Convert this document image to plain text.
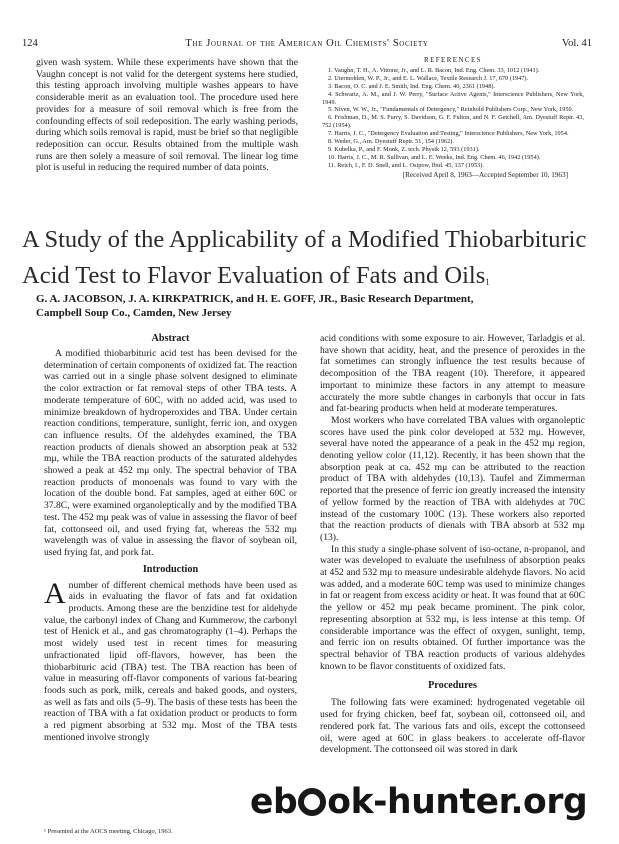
124	The Journal of the American Oil Chemists' Society	Vol. 41
given wash system. While these experiments have shown that the Vaughn concept is not valid for the detergent systems here studied, this testing approach involving multiple washes appears to have considerable merit as an evaluation tool. The procedure used here provides for a measure of soil removal which is free from the confounding effects of soil redeposition. The early washing periods, during which soils removal is rapid, must be brief so that negligible redeposition can occur. Results obtained from the multiple wash runs are then solely a measure of soil removal. The linear log time plot is useful in reducing the required number of data points.
REFERENCES
1. Vaughn, T. H., A. Vittone, Jr., and L. R. Bacon, Ind. Eng. Chem. 33, 1012 (1941).
2. Utermohlen, W. P., Jr., and E. L. Wallace, Textile Research J. 17, 670 (1947).
3. Bacon, O. C. and J. E. Smith, Ind. Eng. Chem. 40, 2361 (1948).
4. Schwartz, A. M., and J. W. Perry, "Surface Active Agents," Interscience Publishers, New York, 1949.
5. Niven, W. W., Jr., "Fundamentals of Detergency," Reinhold Publishers Corp., New York, 1950.
6. Frishman, D., M. S. Furry, S. Davidson, G. F. Fulton, and N. F. Getchell, Am. Dyestuff Reptr. 43, 752 (1954).
7. Harris, J. C., "Detergency Evaluation and Testing," Interscience Publishers, New York, 1954.
8. Weder, G., Am. Dyestuff Reptr. 51, 154 (1962).
9. Kubelka, P., and F. Munk, Z. tech. Physik 12, 593 (1931).
10. Harris, J. C., M. R. Sullivan, and L. E. Weeks, Ind. Eng. Chem. 46, 1942 (1954).
11. Reich, I., F. D. Snell, and L. Osipow, Ibid. 45, 137 (1953).
[Received April 8, 1963—Accepted September 10, 1963]
A Study of the Applicability of a Modified Thiobarbituric
Acid Test to Flavor Evaluation of Fats and Oils$^1$
G. A. JACOBSON, J. A. KIRKPATRICK, and H. E. GOFF, JR., Basic Research Department,
Campbell Soup Co., Camden, New Jersey
Abstract

A modified thiobarbituric acid test has been devised for the determination of certain components of oxidized fat. The reaction was carried out in a single phase solvent designed to eliminate the color extraction or fat removal steps of other TBA tests. A moderate temperature of 60C, with no added acid, was used to minimize breakdown of hydroperoxides and TBA. Under certain reaction conditions, temperature, sunlight, ferric ion, and oxygen can influence results. Of the aldehydes examined, the TBA reaction products of dienals showed an absorption peak at 532 mμ, while the TBA reaction products of the saturated aldehydes showed a peak at 452 mμ only. The spectral behavior of TBA reaction products of monoenals was found to vary with the location of the double bond. Fat samples, aged at either 60C or 37.8C, were examined organoleptically and by the modified TBA test. The 452 mμ peak was of value in assessing the flavor of beef fat, cottonseed oil, and used frying fat, whereas the 532 mμ wavelength was of value in assessing the flavor of soybean oil, used frying fat, and pork fat.

Introduction

Anumber of different chemical methods have been used as aids in evaluating the flavor of fats and fat oxidation products. Among these are the benzidine test for aldehyde value, the carbonyl index of Chang and Kummerow, the carbonyl test of Henick et al., and gas chromatography (1–4). Perhaps the most widely used test in recent times for measuring unfractionated lipid off-flavors, however, has been the thiobarbituric acid (TBA) test. The TBA reaction has been of value in measuring off-flavor components of various fat-bearing foods such as pork, milk, cereals and baked goods, and oysters, as well as fats and oils (5–9). The basis of these tests has been the reaction of TBA with a fat oxidation product or products to form a red pigment absorbing at 532 mμ. Most of the TBA tests mentioned involve strongly

acid conditions with some exposure to air. However, Tarladgis et al. have shown that acidity, heat, and the presence of peroxides in the fat sometimes can strongly influence the test results because of decomposition of the TBA reagent (10). Therefore, it appeared important to minimize these factors in any attempt to measure accurately the more subtle changes in carbonyls that occur in fats and fat-bearing products when held at moderate temperatures.

Most workers who have correlated TBA values with organoleptic scores have used the pink color developed at 532 mμ. However, several have noted the appearance of a peak in the 452 mμ region, denoting yellow color (11,12). Recently, it has been shown that the absorption peak at ca. 452 mμ can be attributed to the reaction product of TBA with aldehydes (10,13). Taufel and Zimmerman reported that the presence of ferric ion greatly increased the intensity of yellow formed by the reaction of TBA with aldehydes at 70C instead of the customary 100C (13). These workers also reported that the reaction products of dienals with TBA absorb at 532 mμ (13).

In this study a single-phase solvent of iso-octane, n-propanol, and water was developed to evaluate the usefulness of absorption peaks at 452 and 532 mμ to measure undesirable aldehyde flavors. No acid was added, and a moderate 60C temp was used to minimize changes in fat or reagent from excess acidity or heat. It was found that at 60C the yellow or 452 mμ peak became prominent. The pink color, representing absorption at 532 mμ, is less intense at this temp. Of considerable importance was the effect of oxygen, sunlight, temp, and ferric ion on results obtained. Of further importance was the spectral behavior of TBA reaction products of various aldehydes known to be flavor constituents of oxidized fats.

Procedures

The following fats were examined: hydrogenated vegetable oil used for frying chicken, beef fat, soybean oil, cottonseed oil, and rendered pork fat. The various fats and oils, except the cottonseed oil, were aged at 60C in glass beakers to accelerate off-flavor development. The cottonseed oil was stored in dark

¹ Presented at the AOCS meeting, Chicago, 1963.
eb ok-hunter.org
